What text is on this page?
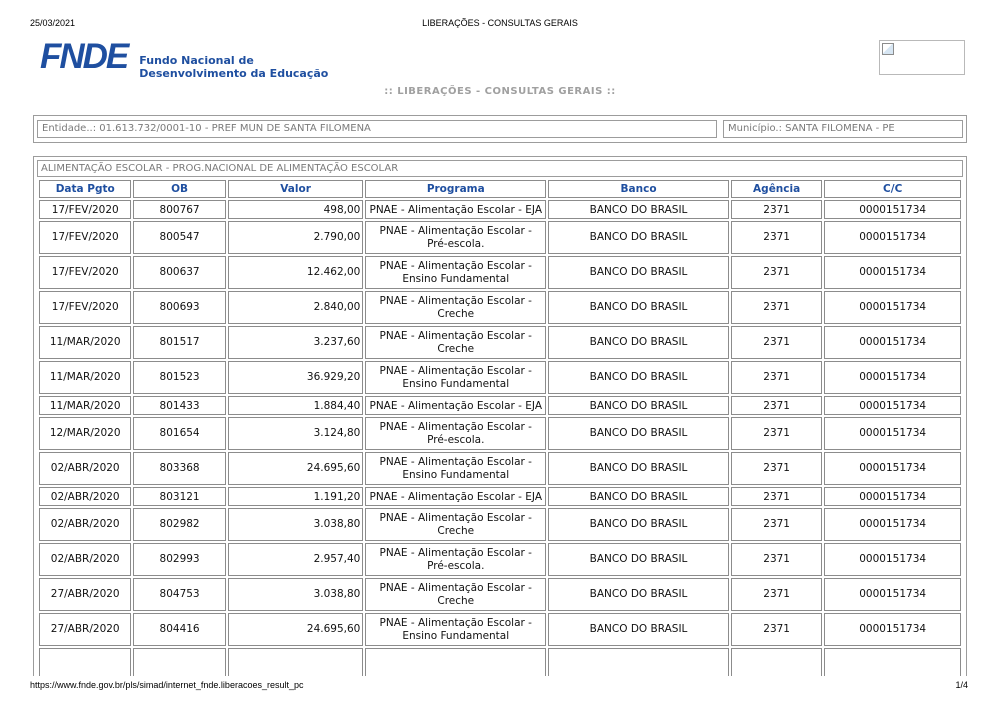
25/03/2021	LIBERAÇÕES - CONSULTAS GERAIS
FNDE Fundo Nacional de
Desenvolvimento da Educação
:: LIBERAÇÕES - CONSULTAS GERAIS ::
Entidade..: 01.613.732/0001-10 - PREF MUN DE SANTA FILOMENA	Município.: SANTA FILOMENA - PE
ALIMENTAÇÃO ESCOLAR - PROG.NACIONAL DE ALIMENTAÇÃO ESCOLAR
Data Pgto	OB	Valor	Programa	Banco	Agência	C/C
17/FEV/2020	800767	498,00	PNAE - Alimentação Escolar - EJA	BANCO DO BRASIL	2371	0000151734
17/FEV/2020	800547	2.790,00	PNAE - Alimentação Escolar - Pré-escola.	BANCO DO BRASIL	2371	0000151734
17/FEV/2020	800637	12.462,00	PNAE - Alimentação Escolar - Ensino Fundamental	BANCO DO BRASIL	2371	0000151734
17/FEV/2020	800693	2.840,00	PNAE - Alimentação Escolar - Creche	BANCO DO BRASIL	2371	0000151734
11/MAR/2020	801517	3.237,60	PNAE - Alimentação Escolar - Creche	BANCO DO BRASIL	2371	0000151734
11/MAR/2020	801523	36.929,20	PNAE - Alimentação Escolar - Ensino Fundamental	BANCO DO BRASIL	2371	0000151734
11/MAR/2020	801433	1.884,40	PNAE - Alimentação Escolar - EJA	BANCO DO BRASIL	2371	0000151734
12/MAR/2020	801654	3.124,80	PNAE - Alimentação Escolar - Pré-escola.	BANCO DO BRASIL	2371	0000151734
02/ABR/2020	803368	24.695,60	PNAE - Alimentação Escolar - Ensino Fundamental	BANCO DO BRASIL	2371	0000151734
02/ABR/2020	803121	1.191,20	PNAE - Alimentação Escolar - EJA	BANCO DO BRASIL	2371	0000151734
02/ABR/2020	802982	3.038,80	PNAE - Alimentação Escolar - Creche	BANCO DO BRASIL	2371	0000151734
02/ABR/2020	802993	2.957,40	PNAE - Alimentação Escolar - Pré-escola.	BANCO DO BRASIL	2371	0000151734
27/ABR/2020	804753	3.038,80	PNAE - Alimentação Escolar - Creche	BANCO DO BRASIL	2371	0000151734
27/ABR/2020	804416	24.695,60	PNAE - Alimentação Escolar - Ensino Fundamental	BANCO DO BRASIL	2371	0000151734

https://www.fnde.gov.br/pls/simad/internet_fnde.liberacoes_result_pc	1/4
